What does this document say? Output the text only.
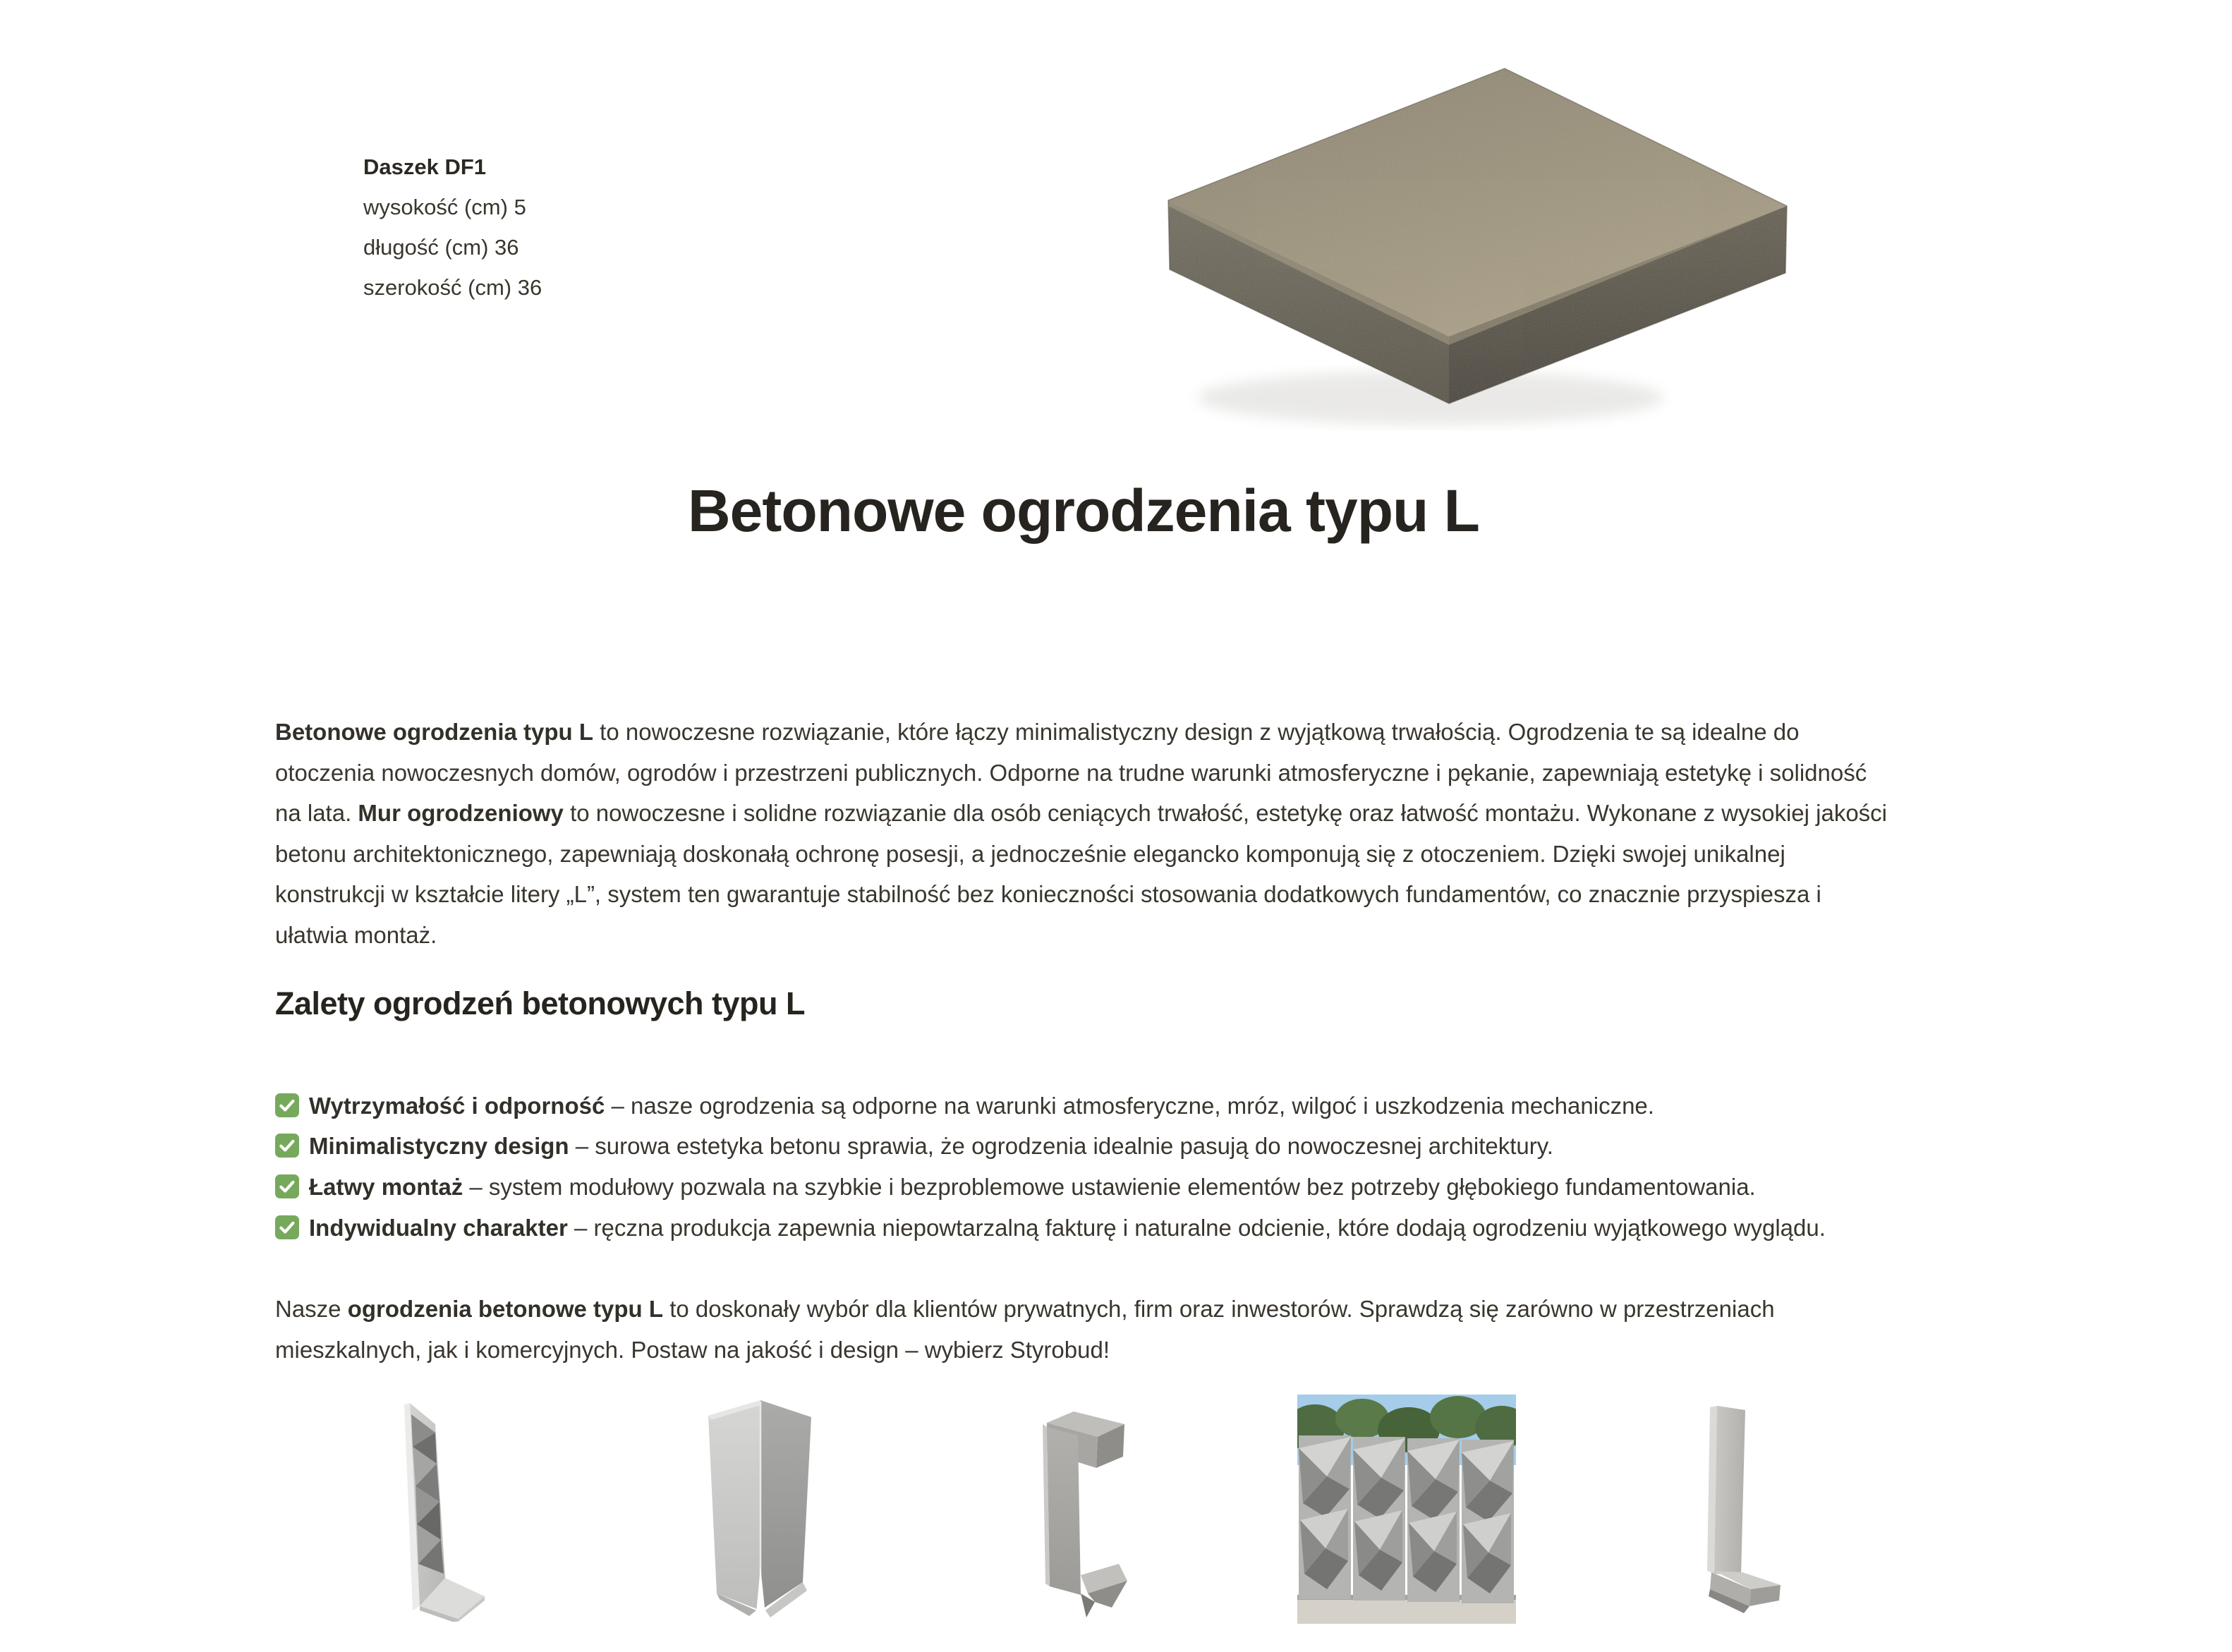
Daszek DF1
wysokość (cm) 5
długość (cm) 36
szerokość (cm) 36
Betonowe ogrodzenia typu L

Betonowe ogrodzenia typu L to nowoczesne rozwiązanie, które łączy minimalistyczny design z wyjątkową trwałością. Ogrodzenia te są idealne do otoczenia nowoczesnych domów, ogrodów i przestrzeni publicznych. Odporne na trudne warunki atmosferyczne i pękanie, zapewniają estetykę i solidność na lata. Mur ogrodzeniowy to nowoczesne i solidne rozwiązanie dla osób ceniących trwałość, estetykę oraz łatwość montażu. Wykonane z wysokiej jakości betonu architektonicznego, zapewniają doskonałą ochronę posesji, a jednocześnie elegancko komponują się z otoczeniem. Dzięki swojej unikalnej konstrukcji w kształcie litery „L”, system ten gwarantuje stabilność bez konieczności stosowania dodatkowych fundamentów, co znacznie przyspiesza i ułatwia montaż.

Zalety ogrodzeń betonowych typu L
Wytrzymałość i odporność – nasze ogrodzenia są odporne na warunki atmosferyczne, mróz, wilgoć i uszkodzenia mechaniczne.
Minimalistyczny design – surowa estetyka betonu sprawia, że ogrodzenia idealnie pasują do nowoczesnej architektury.
Łatwy montaż – system modułowy pozwala na szybkie i bezproblemowe ustawienie elementów bez potrzeby głębokiego fundamentowania.
Indywidualny charakter – ręczna produkcja zapewnia niepowtarzalną fakturę i naturalne odcienie, które dodają ogrodzeniu wyjątkowego wyglądu.

Nasze ogrodzenia betonowe typu L to doskonały wybór dla klientów prywatnych, firm oraz inwestorów. Sprawdzą się zarówno w przestrzeniach mieszkalnych, jak i komercyjnych. Postaw na jakość i design – wybierz Styrobud!
